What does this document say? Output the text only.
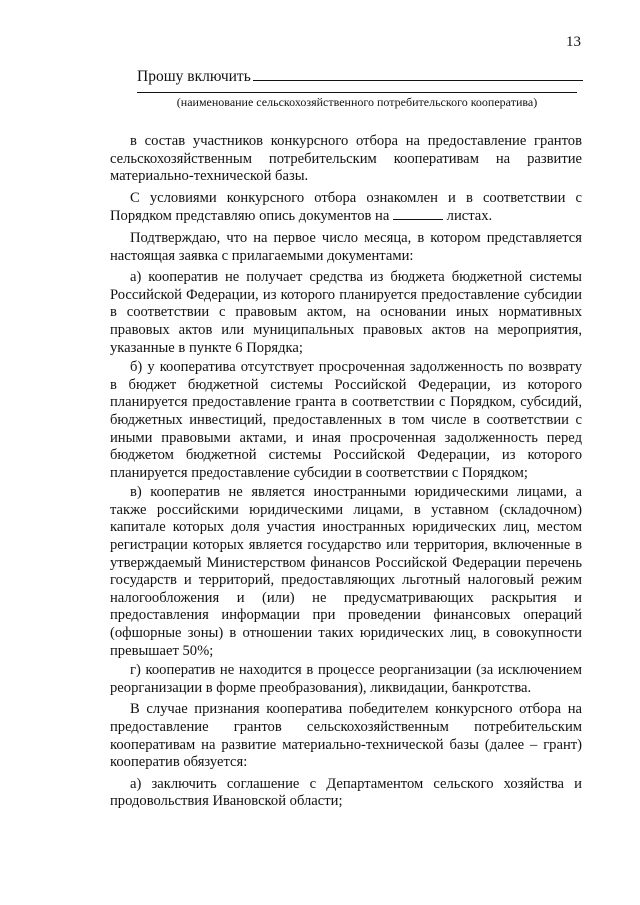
13
Прошу включить
(наименование сельскохозяйственного потребительского кооператива)

в состав участников конкурсного отбора на предоставление грантов сельскохозяйственным потребительским кооперативам на развитие материально-технической базы.

С условиями конкурсного отбора ознакомлен и в соответствии с Порядком представляю опись документов на	листах.

Подтверждаю, что на первое число месяца, в котором представляется настоящая заявка с прилагаемыми документами:

а) кооператив не получает средства из бюджета бюджетной системы Российской Федерации, из которого планируется предоставление субсидии в соответствии с правовым актом, на основании иных нормативных правовых актов или муниципальных правовых актов на мероприятия, указанные в пункте 6 Порядка;

б) у кооператива отсутствует просроченная задолженность по возврату в бюджет бюджетной системы Российской Федерации, из которого планируется предоставление гранта в соответствии с Порядком, субсидий, бюджетных инвестиций, предоставленных в том числе в соответствии с иными правовыми актами, и иная просроченная задолженность перед бюджетом бюджетной системы Российской Федерации, из которого планируется предоставление субсидии в соответствии с Порядком;

в) кооператив не является иностранными юридическими лицами, а также российскими юридическими лицами, в уставном (складочном) капитале которых доля участия иностранных юридических лиц, местом регистрации которых является государство или территория, включенные в утверждаемый Министерством финансов Российской Федерации перечень государств и территорий, предоставляющих льготный налоговый режим налогообложения и (или) не предусматривающих раскрытия и предоставления информации при проведении финансовых операций (офшорные зоны) в отношении таких юридических лиц, в совокупности превышает 50%;

г) кооператив не находится в процессе реорганизации (за исключением реорганизации в форме преобразования), ликвидации, банкротства.

В случае признания кооператива победителем конкурсного отбора на предоставление грантов сельскохозяйственным потребительским кооперативам на развитие материально-технической базы (далее – грант) кооператив обязуется:

а) заключить соглашение с Департаментом сельского хозяйства и продовольствия Ивановской области;
